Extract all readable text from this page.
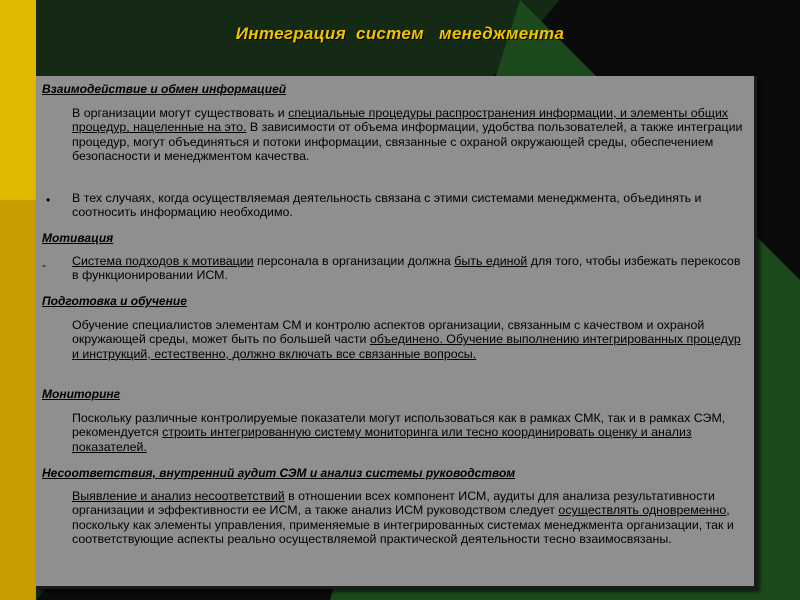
Интеграция  систем   менеджмента
Взаимодействие и обмен информацией
В организации могут существовать и специальные процедуры распространения информации, и элементы общих процедур, нацеленные на это. В зависимости от объема информации, удобства пользователей, а также интеграции процедур, могут объединяться и потоки информации, связанные с охраной окружающей среды, обеспечением безопасности и менеджментом качества.
• В тех случаях, когда осуществляемая деятельность связана с этими системами менеджмента, объединять и соотносить информацию необходимо.
Мотивация
- Система подходов к мотивации персонала в организации должна быть единой для того, чтобы избежать перекосов в функционировании ИСМ.
Подготовка и обучение
Обучение специалистов элементам СМ и контролю аспектов организации, связанным с качеством и охраной окружающей среды, может быть по большей части объединено. Обучение выполнению интегрированных процедур и инструкций, естественно, должно включать все связанные вопросы.
Мониторинг
Поскольку различные контролируемые показатели могут использоваться как в рамках СМК, так и в рамках СЭМ, рекомендуется строить интегрированную систему мониторинга или тесно координировать оценку и анализ показателей.
Несоответствия, внутренний аудит СЭМ и анализ системы руководством
Выявление и анализ несоответствий в отношении всех компонент ИСМ, аудиты для анализа результативности организации и эффективности ее ИСМ, а также анализ ИСМ руководством следует осуществлять одновременно, поскольку как элементы управления, применяемые в интегрированных системах менеджмента организации, так и соответствующие аспекты реально осуществляемой практической деятельности тесно взаимосвязаны.
